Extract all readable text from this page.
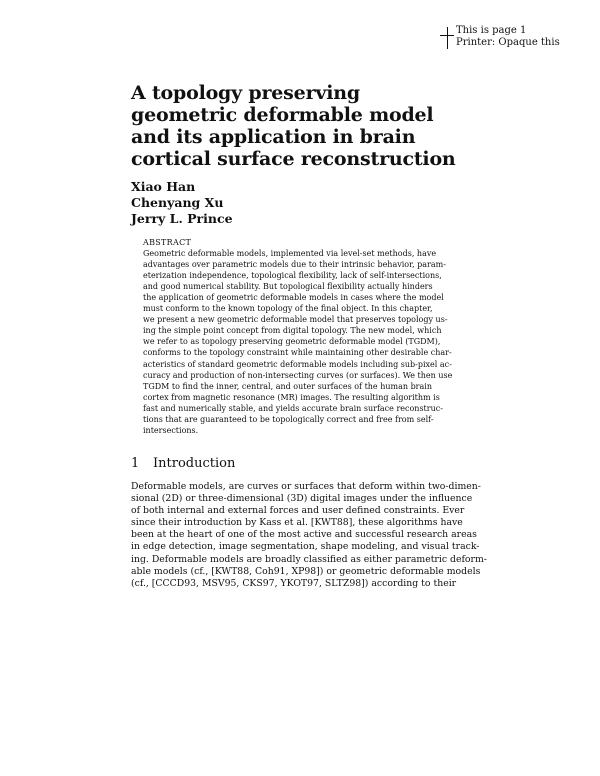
This is page 1
Printer: Opaque this
A topology preserving
geometric deformable model
and its application in brain
cortical surface reconstruction
Xiao Han
Chenyang Xu
Jerry L. Prince
ABSTRACT
Geometric deformable models, implemented via level-set methods, have
advantages over parametric models due to their intrinsic behavior, param-
eterization independence, topological flexibility, lack of self-intersections,
and good numerical stability. But topological flexibility actually hinders
the application of geometric deformable models in cases where the model
must conform to the known topology of the final object. In this chapter,
we present a new geometric deformable model that preserves topology us-
ing the simple point concept from digital topology. The new model, which
we refer to as topology preserving geometric deformable model (TGDM),
conforms to the topology constraint while maintaining other desirable char-
acteristics of standard geometric deformable models including sub-pixel ac-
curacy and production of non-intersecting curves (or surfaces). We then use
TGDM to find the inner, central, and outer surfaces of the human brain
cortex from magnetic resonance (MR) images. The resulting algorithm is
fast and numerically stable, and yields accurate brain surface reconstruc-
tions that are guaranteed to be topologically correct and free from self-
intersections.
1 Introduction
Deformable models, are curves or surfaces that deform within two-dimen-
sional (2D) or three-dimensional (3D) digital images under the influence
of both internal and external forces and user defined constraints. Ever
since their introduction by Kass et al. [KWT88], these algorithms have
been at the heart of one of the most active and successful research areas
in edge detection, image segmentation, shape modeling, and visual track-
ing. Deformable models are broadly classified as either parametric deform-
able models (cf., [KWT88, Coh91, XP98]) or geometric deformable models
(cf., [CCCD93, MSV95, CKS97, YKOT97, SLTZ98]) according to their
